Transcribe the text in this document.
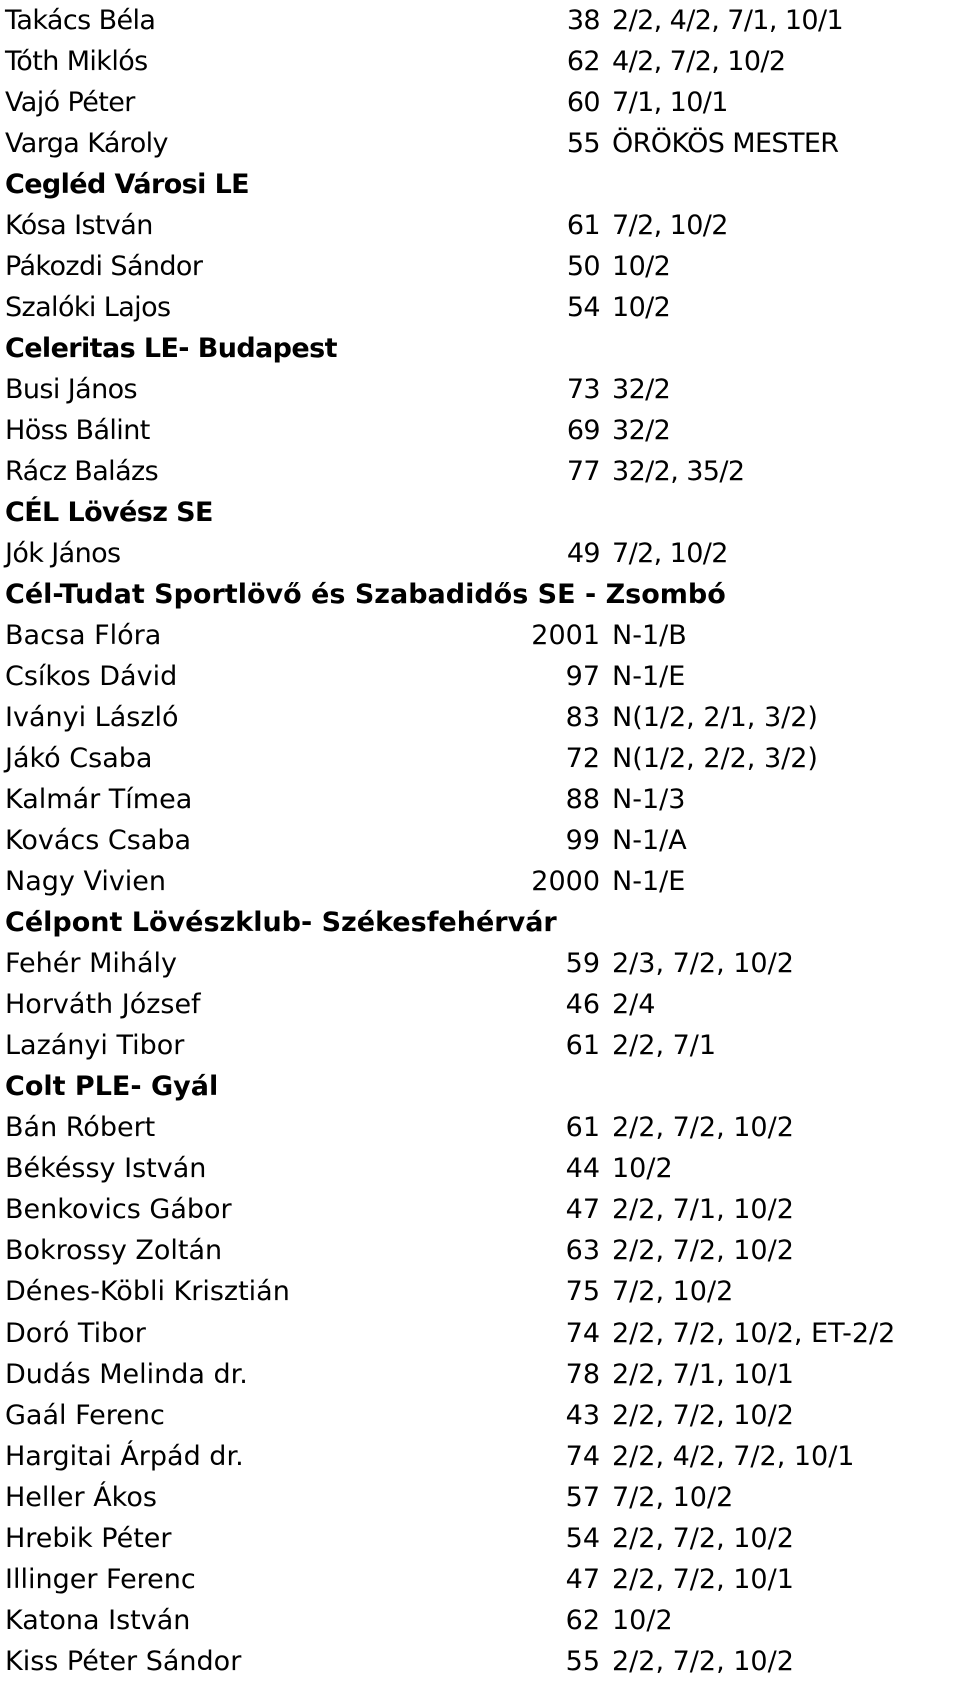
Takács Béla	38 2/2, 4/2, 7/1, 10/1
Tóth Miklós	62 4/2, 7/2, 10/2
Vajó Péter	60 7/1, 10/1
Varga Károly	55 ÖRÖKÖS MESTER
Cegléd Városi LE
Kósa István	61 7/2, 10/2
Pákozdi Sándor	50 10/2
Szalóki Lajos	54 10/2
Celeritas LE- Budapest
Busi János	73 32/2
Höss Bálint	69 32/2
Rácz Balázs	77 32/2, 35/2
CÉL Lövész SE
Jók János	49 7/2, 10/2
Cél-Tudat Sportlövő és Szabadidős SE - Zsombó
Bacsa Flóra	2001 N-1/B
Csíkos Dávid	97 N-1/E
Iványi László	83 N(1/2, 2/1, 3/2)
Jákó Csaba	72 N(1/2, 2/2, 3/2)
Kalmár Tímea	88 N-1/3
Kovács Csaba	99 N-1/A
Nagy Vivien	2000 N-1/E
Célpont Lövészklub- Székesfehérvár
Fehér Mihály	59 2/3, 7/2, 10/2
Horváth József	46 2/4
Lazányi Tibor	61 2/2, 7/1
Colt PLE- Gyál
Bán Róbert	61 2/2, 7/2, 10/2
Békéssy István	44 10/2
Benkovics Gábor	47 2/2, 7/1, 10/2
Bokrossy Zoltán	63 2/2, 7/2, 10/2
Dénes-Köbli Krisztián	75 7/2, 10/2
Doró Tibor	74 2/2, 7/2, 10/2, ET-2/2
Dudás Melinda dr.	78 2/2, 7/1, 10/1
Gaál Ferenc	43 2/2, 7/2, 10/2
Hargitai Árpád dr.	74 2/2, 4/2, 7/2, 10/1
Heller Ákos	57 7/2, 10/2
Hrebik Péter	54 2/2, 7/2, 10/2
Illinger Ferenc	47 2/2, 7/2, 10/1
Katona István	62 10/2
Kiss Péter Sándor	55 2/2, 7/2, 10/2
